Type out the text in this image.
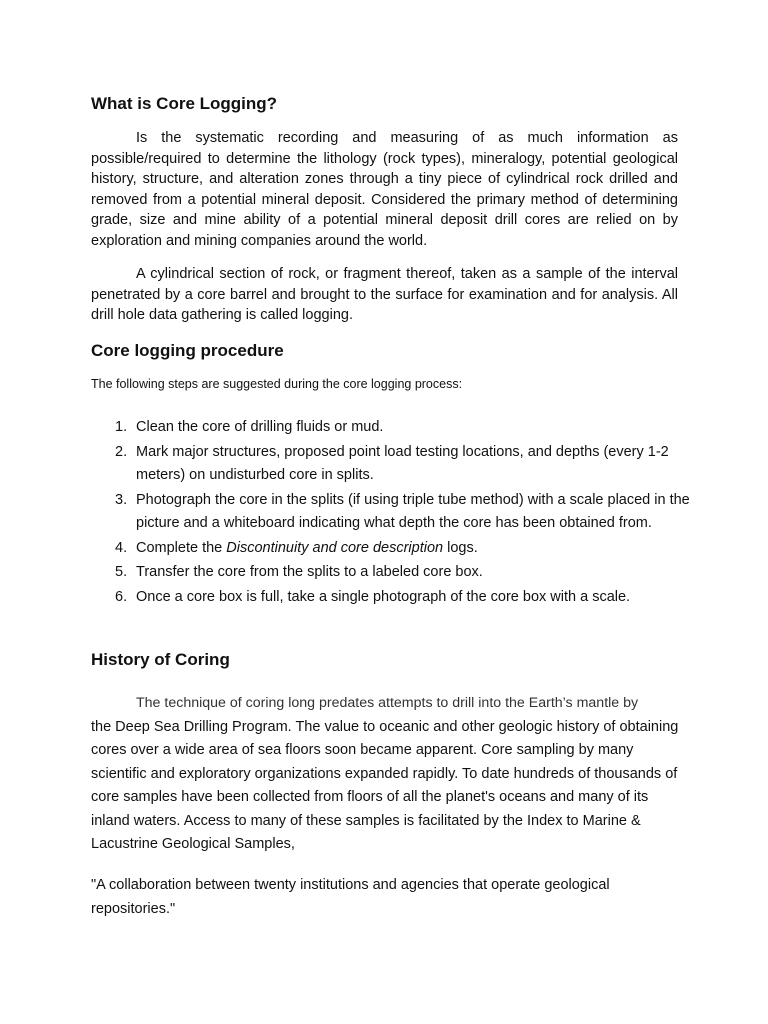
What is Core Logging?

Is the systematic recording and measuring of as much information as possible/required to determine the lithology (rock types), mineralogy, potential geological history, structure, and alteration zones through a tiny piece of cylindrical rock drilled and removed from a potential mineral deposit. Considered the primary method of determining grade, size and mine ability of a potential mineral deposit drill cores are relied on by exploration and mining companies around the world.

A cylindrical section of rock, or fragment thereof, taken as a sample of the interval penetrated by a core barrel and brought to the surface for examination and for analysis. All drill hole data gathering is called logging.

Core logging procedure

The following steps are suggested during the core logging process:

1. Clean the core of drilling fluids or mud.
2. Mark major structures, proposed point load testing locations, and depths (every 1-2 meters) on undisturbed core in splits.
3. Photograph the core in the splits (if using triple tube method) with a scale placed in the picture and a whiteboard indicating what depth the core has been obtained from.
4. Complete the Discontinuity and core description logs.
5. Transfer the core from the splits to a labeled core box.
6. Once a core box is full, take a single photograph of the core box with a scale.
History of Coring

The technique of coring long predates attempts to drill into the Earth’s mantle by
the Deep Sea Drilling Program. The value to oceanic and other geologic history of obtaining cores over a wide area of sea floors soon became apparent. Core sampling by many scientific and exploratory organizations expanded rapidly. To date hundreds of thousands of core samples have been collected from floors of all the planet's oceans and many of its inland waters. Access to many of these samples is facilitated by the Index to Marine & Lacustrine Geological Samples,

"A collaboration between twenty institutions and agencies that operate geological repositories."
